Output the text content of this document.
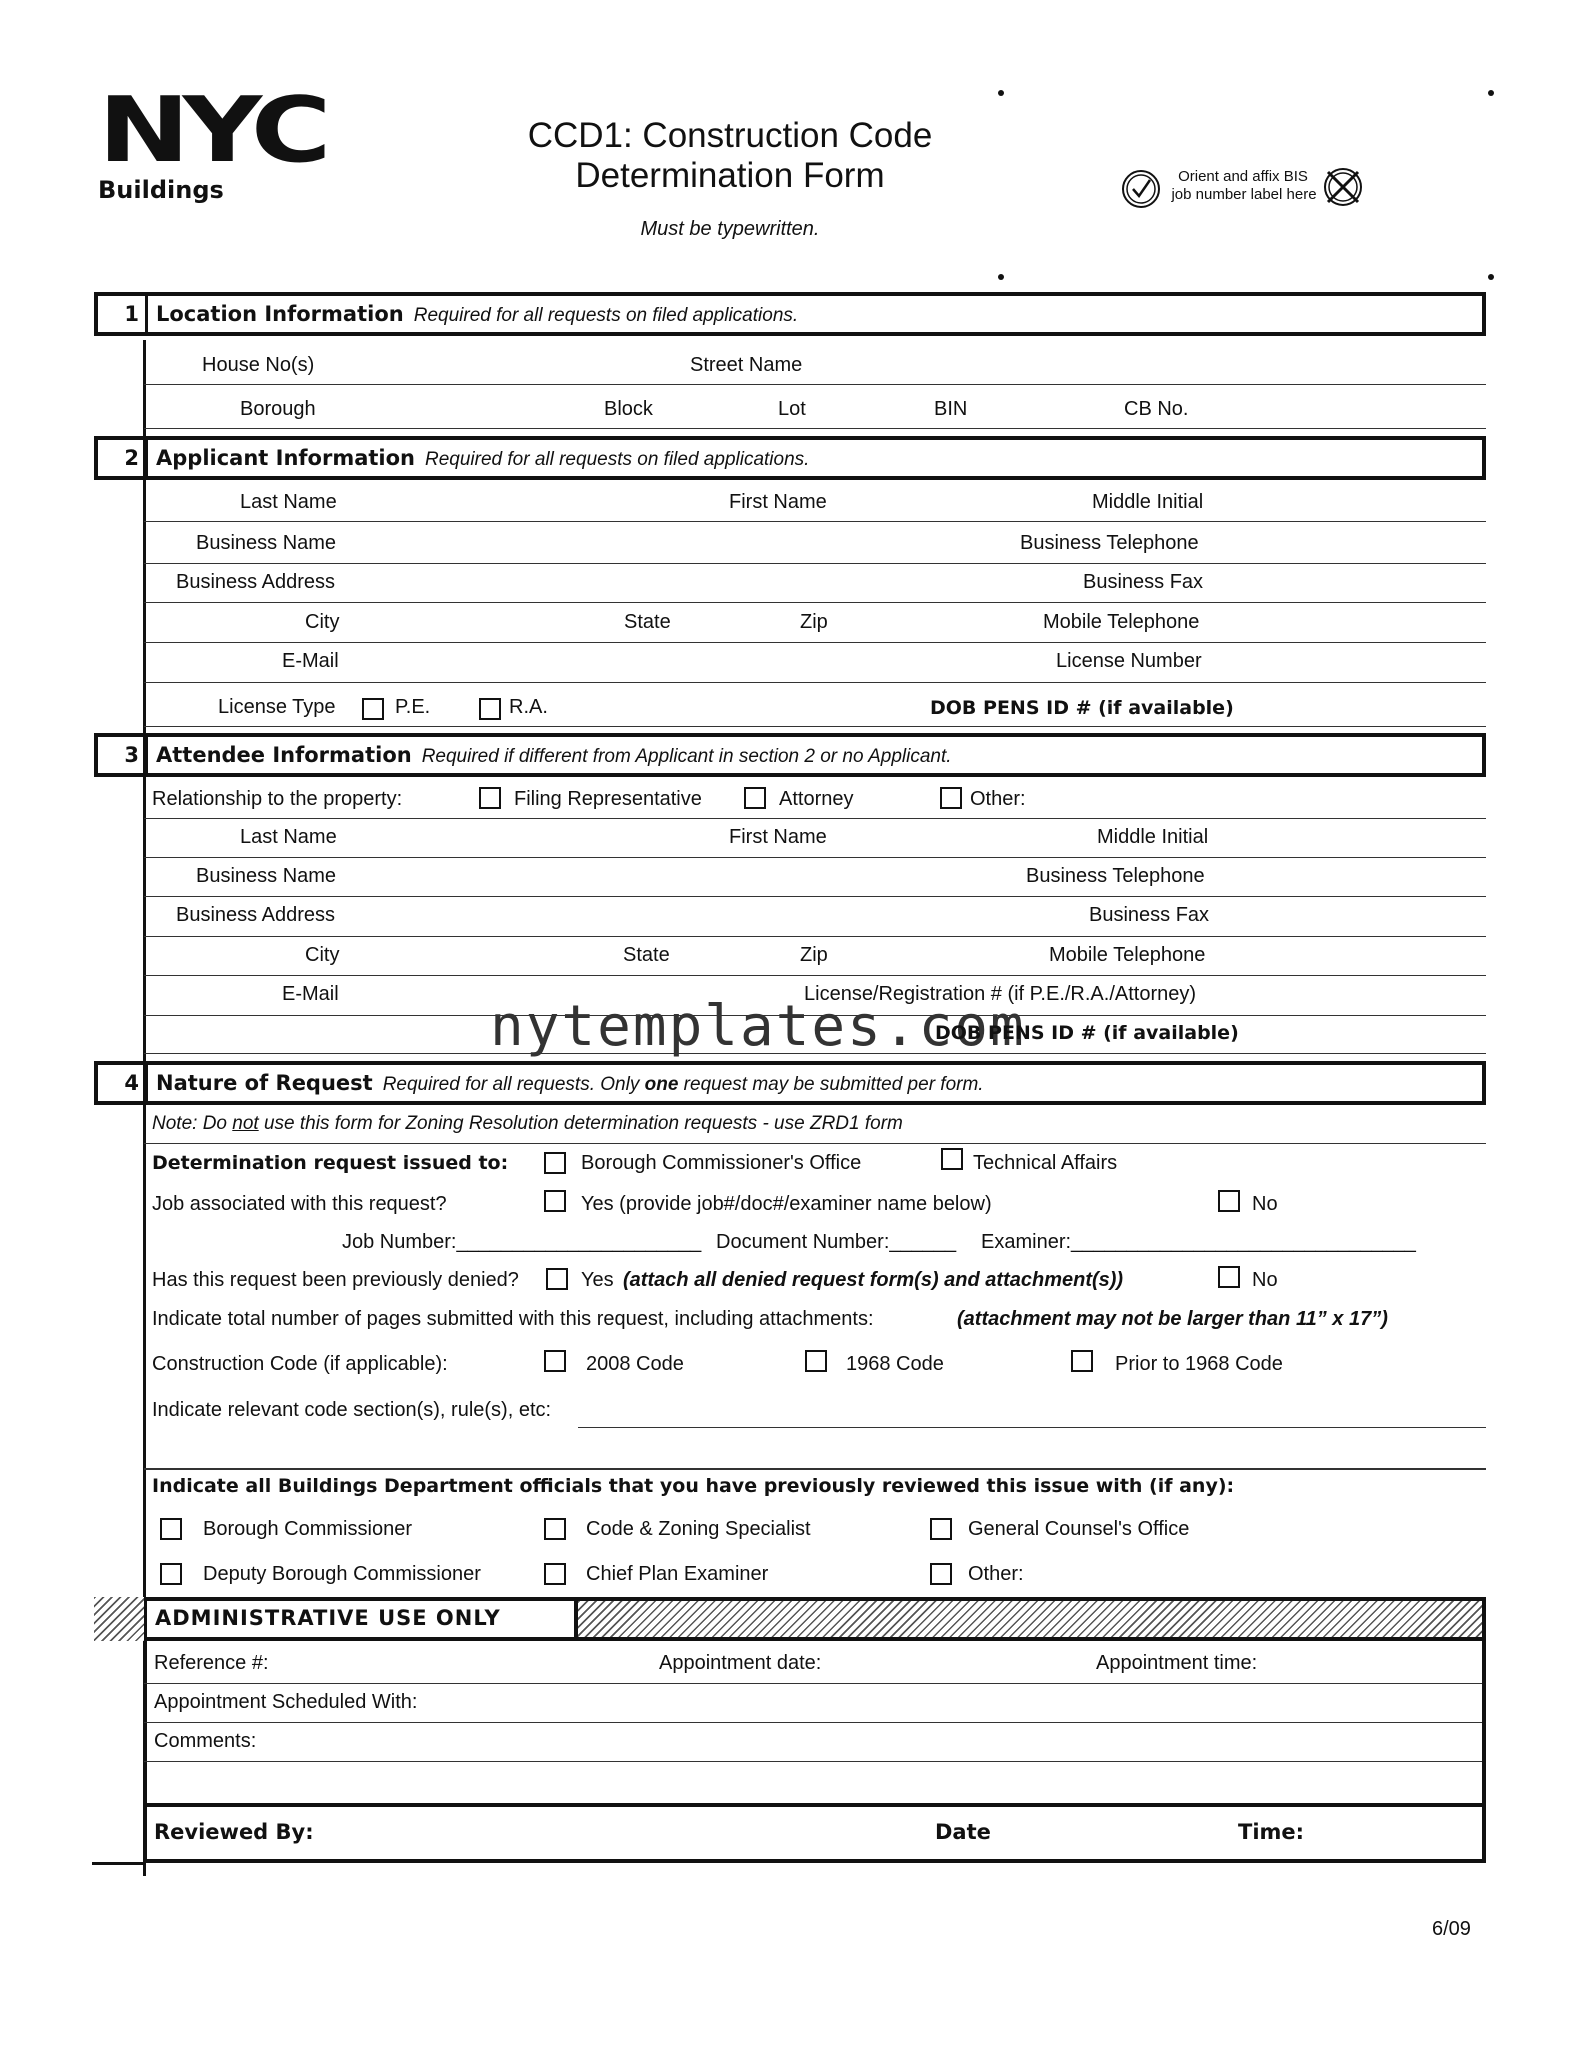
NYC
Buildings
CCD1: Construction Code
Determination Form
Must be typewritten.
Orient and affix BIS
job number label here
1 Location Information Required for all requests on filed applications.
House No(s)	Street Name
Borough	Block	Lot	BIN	CB No.
2 Applicant Information Required for all requests on filed applications.
Last Name	First Name	Middle Initial
Business Name	Business Telephone
Business Address	Business Fax
City	State	Zip	Mobile Telephone
E-Mail	License Number
License Type	P.E.	R.A.	DOB PENS ID # (if available)
3 Attendee Information Required if different from Applicant in section 2 or no Applicant.
Relationship to the property:	Filing Representative	Attorney	Other:
Last Name	First Name	Middle Initial
Business Name	Business Telephone
Business Address	Business Fax
City	State	Zip	Mobile Telephone
E-Mail	License/Registration # (if P.E./R.A./Attorney)
nytemplates.com
DOB PENS ID # (if available)
4 Nature of Request Required for all requests. Only one request may be submitted per form.
Note: Do not use this form for Zoning Resolution determination requests - use ZRD1 form
Determination request issued to:	Borough Commissioner's Office	Technical Affairs
Job associated with this request?	Yes (provide job#/doc#/examiner name below)	No
Job Number:______________________ Document Number:______ Examiner:_______________________________
Has this request been previously denied?	Yes (attach all denied request form(s) and attachment(s))	No
Indicate total number of pages submitted with this request, including attachments:	(attachment may not be larger than 11” x 17”)
Construction Code (if applicable):	2008 Code	1968 Code	Prior to 1968 Code
Indicate relevant code section(s), rule(s), etc:
Indicate all Buildings Department officials that you have previously reviewed this issue with (if any):
Borough Commissioner	Code & Zoning Specialist	General Counsel's Office
Deputy Borough Commissioner	Chief Plan Examiner	Other:
ADMINISTRATIVE USE ONLY
Reference #:	Appointment date:	Appointment time:
Appointment Scheduled With:
Comments:
Reviewed By:	Date	Time:
6/09
